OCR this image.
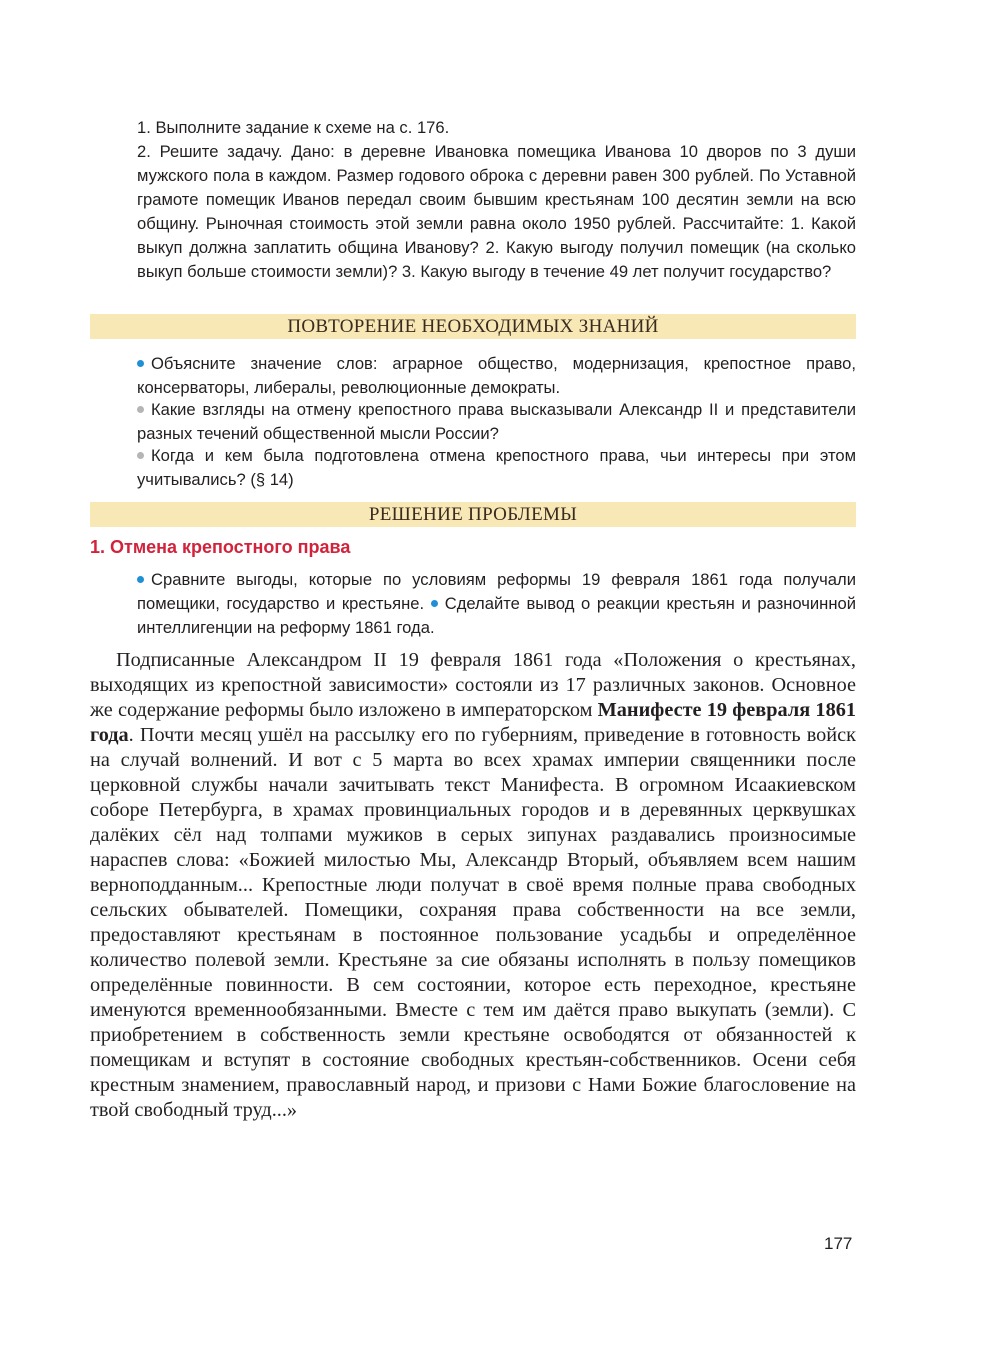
1. Выполните задание к схеме на с. 176.
2. Решите задачу. Дано: в деревне Ивановка помещика Иванова 10 дворов по 3 души мужского пола в каждом. Размер годового оброка с деревни равен 300 рублей. По Уставной грамоте помещик Иванов передал своим бывшим крестьянам 100 десятин земли на всю общину. Рыночная стоимость этой земли равна около 1950 рублей. Рассчитайте: 1. Какой выкуп должна заплатить община Иванову? 2. Какую выгоду получил помещик (на сколько выкуп больше стоимости земли)? 3. Какую выгоду в течение 49 лет получит государство?
ПОВТОРЕНИЕ НЕОБХОДИМЫХ ЗНАНИЙ
Объясните значение слов: аграрное общество, модернизация, крепостное право, консерваторы, либералы, революционные демократы.
Какие взгляды на отмену крепостного права высказывали Александр II и представители разных течений общественной мысли России?
Когда и кем была подготовлена отмена крепостного права, чьи интересы при этом учитывались? (§ 14)
РЕШЕНИЕ ПРОБЛЕМЫ
1. Отмена крепостного права
Сравните выгоды, которые по условиям реформы 19 февраля 1861 года получали помещики, государство и крестьяне. Сделайте вывод о реакции крестьян и разночинной интеллигенции на реформу 1861 года.
Подписанные Александром II 19 февраля 1861 года «Положения о крестьянах, выходящих из крепостной зависимости» состояли из 17 различных законов. Основное же содержание реформы было изложено в императорском Манифесте 19 февраля 1861 года. Почти месяц ушёл на рассылку его по губерниям, приведение в готовность войск на случай волнений. И вот с 5 марта во всех храмах империи священники после церковной службы начали зачитывать текст Манифеста. В огромном Исаакиевском соборе Петербурга, в храмах провинциальных городов и в деревянных церквушках далёких сёл над толпами мужиков в серых зипунах раздавались произносимые нараспев слова: «Божией милостью Мы, Александр Вторый, объявляем всем нашим верноподданным... Крепостные люди получат в своё время полные права свободных сельских обывателей. Помещики, сохраняя права собственности на все земли, предоставляют крестьянам в постоянное пользование усадьбы и определённое количество полевой земли. Крестьяне за сие обязаны исполнять в пользу помещиков определённые повинности. В сем состоянии, которое есть переходное, крестьяне именуются временнообязанными. Вместе с тем им даётся право выкупать (земли). С приобретением в собственность земли крестьяне освободятся от обязанностей к помещикам и вступят в состояние свободных крестьян-собственников. Осени себя крестным знамением, православный народ, и призови с Нами Божие благословение на твой свободный труд...»
177
